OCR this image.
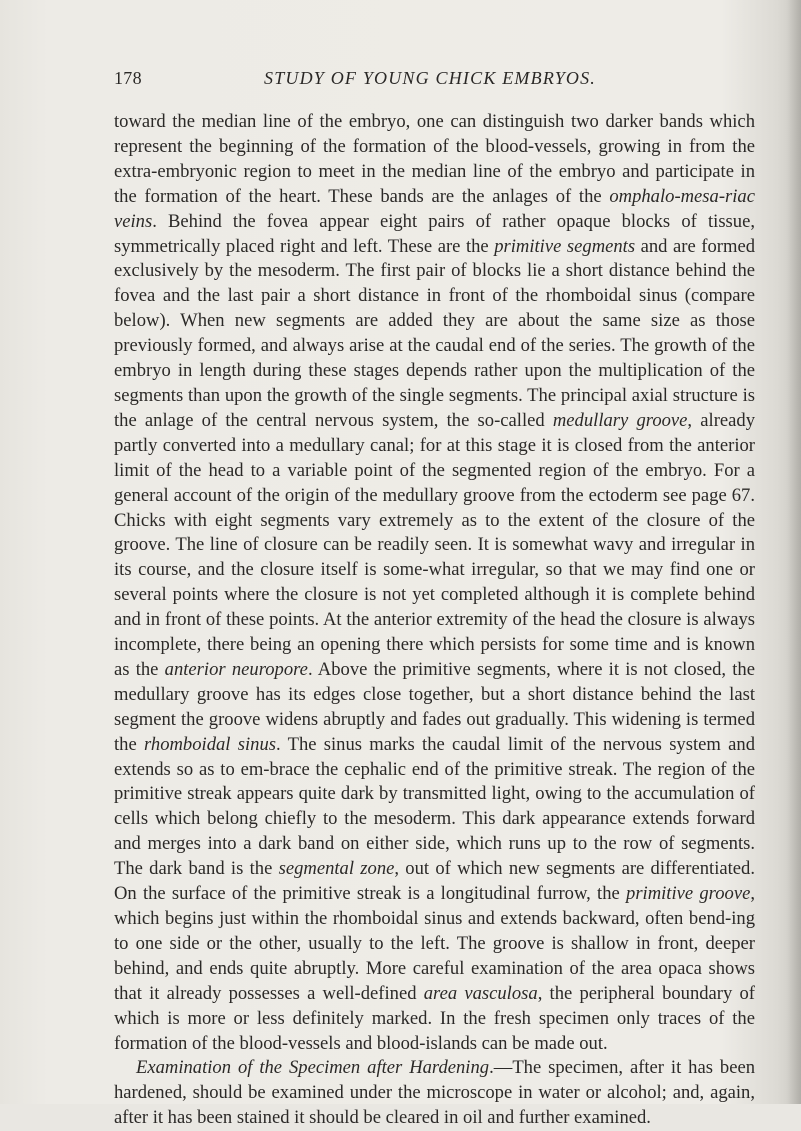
178	STUDY OF YOUNG CHICK EMBRYOS.

toward the median line of the embryo, one can distinguish two darker bands which represent the beginning of the formation of the blood-vessels, growing in from the extra-embryonic region to meet in the median line of the embryo and participate in the formation of the heart. These bands are the anlages of the omphalo-mesa-riac veins. Behind the fovea appear eight pairs of rather opaque blocks of tissue, symmetrically placed right and left. These are the primitive segments and are formed exclusively by the mesoderm. The first pair of blocks lie a short distance behind the fovea and the last pair a short distance in front of the rhomboidal sinus (compare below). When new segments are added they are about the same size as those previously formed, and always arise at the caudal end of the series. The growth of the embryo in length during these stages depends rather upon the multiplication of the segments than upon the growth of the single segments. The principal axial structure is the anlage of the central nervous system, the so-called medullary groove, already partly converted into a medullary canal; for at this stage it is closed from the anterior limit of the head to a variable point of the segmented region of the embryo. For a general account of the origin of the medullary groove from the ectoderm see page 67. Chicks with eight segments vary extremely as to the extent of the closure of the groove. The line of closure can be readily seen. It is somewhat wavy and irregular in its course, and the closure itself is some-what irregular, so that we may find one or several points where the closure is not yet completed although it is complete behind and in front of these points. At the anterior extremity of the head the closure is always incomplete, there being an opening there which persists for some time and is known as the anterior neuropore. Above the primitive segments, where it is not closed, the medullary groove has its edges close together, but a short distance behind the last segment the groove widens abruptly and fades out gradually. This widening is termed the rhomboidal sinus. The sinus marks the caudal limit of the nervous system and extends so as to em-brace the cephalic end of the primitive streak. The region of the primitive streak appears quite dark by transmitted light, owing to the accumulation of cells which belong chiefly to the mesoderm. This dark appearance extends forward and merges into a dark band on either side, which runs up to the row of segments. The dark band is the segmental zone, out of which new segments are differentiated. On the surface of the primitive streak is a longitudinal furrow, the primitive groove, which begins just within the rhomboidal sinus and extends backward, often bend-ing to one side or the other, usually to the left. The groove is shallow in front, deeper behind, and ends quite abruptly. More careful examination of the area opaca shows that it already possesses a well-defined area vasculosa, the peripheral boundary of which is more or less definitely marked. In the fresh specimen only traces of the formation of the blood-vessels and blood-islands can be made out.

Examination of the Specimen after Hardening.—The specimen, after it has been hardened, should be examined under the microscope in water or alcohol; and, again, after it has been stained it should be cleared in oil and further examined.
